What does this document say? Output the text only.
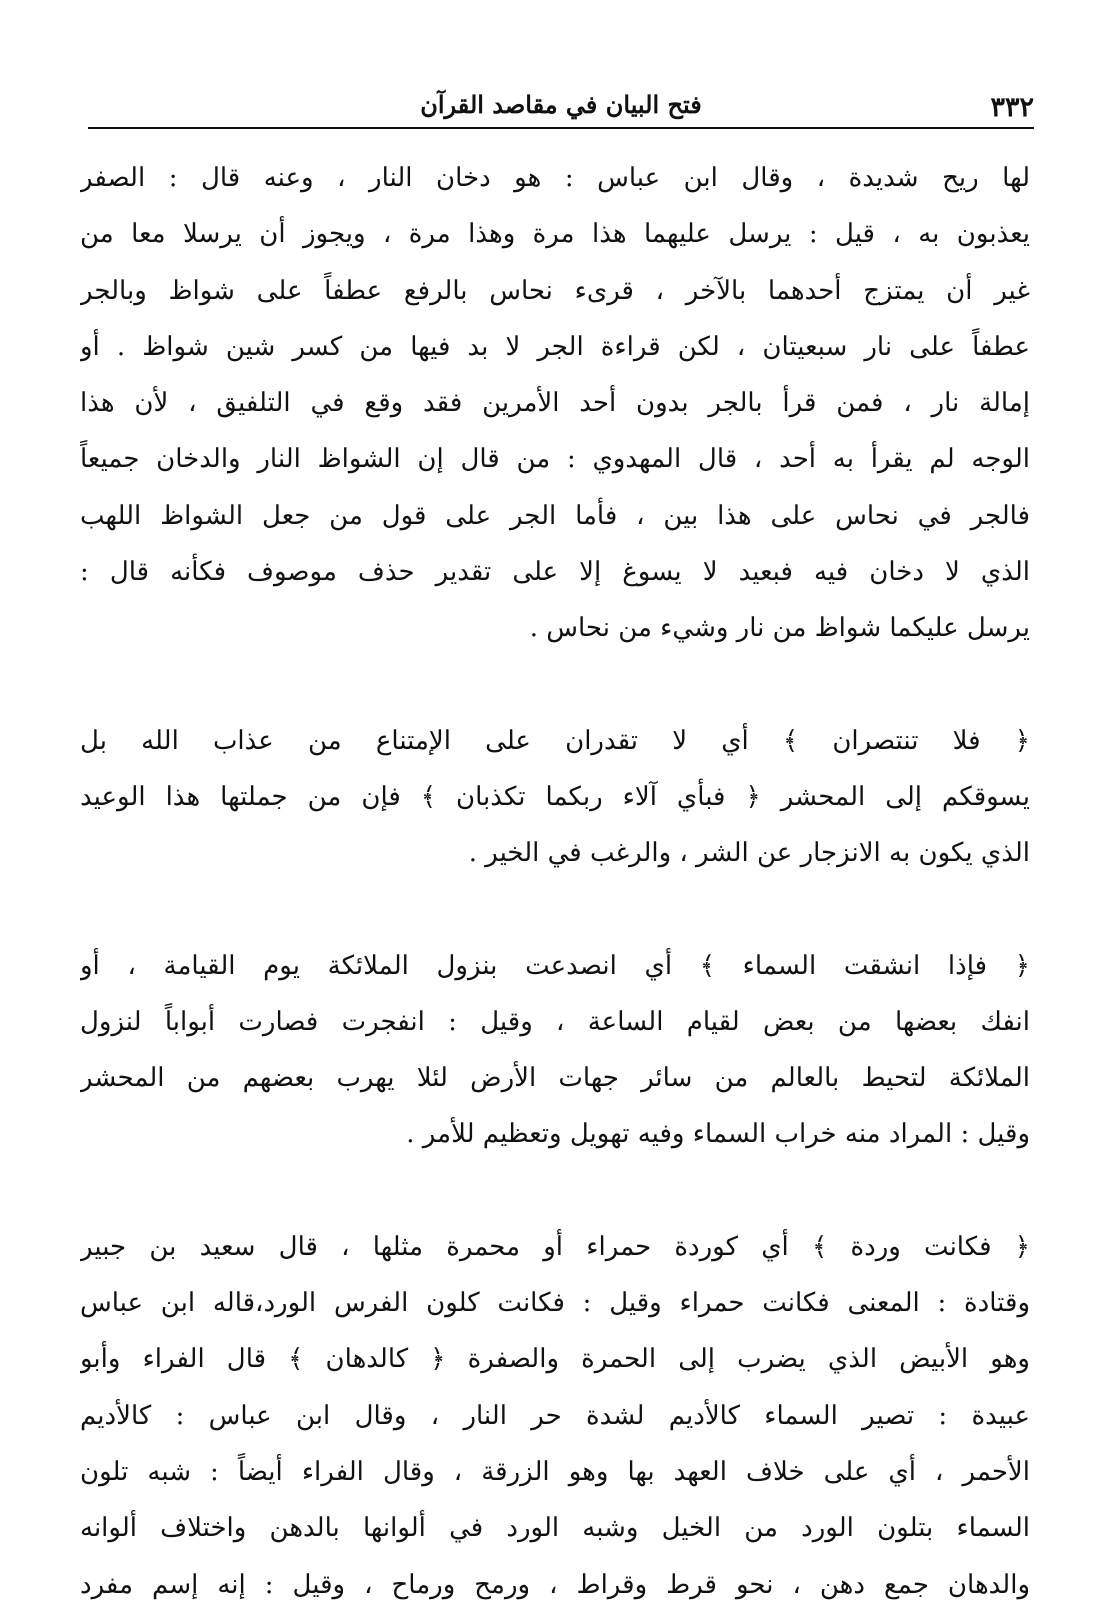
٣٣٢
فتح البيان في مقاصد القرآن
لها ريح شديدة ، وقال ابن عباس : هو دخان النار ، وعنه قال : الصفر
يعذبون به ، قيل : يرسل عليهما هذا مرة وهذا مرة ، ويجوز أن يرسلا معا من
غير أن يمتزج أحدهما بالآخر ، قرىء نحاس بالرفع عطفاً على شواظ وبالجر
عطفاً على نار سبعيتان ، لكن قراءة الجر لا بد فيها من كسر شين شواظ . أو
إمالة نار ، فمن قرأ بالجر بدون أحد الأمرين فقد وقع في التلفيق ، لأن هذا
الوجه لم يقرأ به أحد ، قال المهدوي : من قال إن الشواظ النار والدخان جميعاً
فالجر في نحاس على هذا بين ، فأما الجر على قول من جعل الشواظ اللهب
الذي لا دخان فيه فبعيد لا يسوغ إلا على تقدير حذف موصوف فكأنه قال :
يرسل عليكما شواظ من نار وشيء من نحاس .
﴿ فلا تنتصران ﴾ أي لا تقدران على الإمتناع من عذاب الله بل
يسوقكم إلى المحشر ﴿ فبأي آلاء ربكما تكذبان ﴾ فإن من جملتها هذا الوعيد
الذي يكون به الانزجار عن الشر ، والرغب في الخير .
﴿ فإذا انشقت السماء ﴾ أي انصدعت بنزول الملائكة يوم القيامة ، أو
انفك بعضها من بعض لقيام الساعة ، وقيل : انفجرت فصارت أبواباً لنزول
الملائكة لتحيط بالعالم من سائر جهات الأرض لئلا يهرب بعضهم من المحشر
وقيل : المراد منه خراب السماء وفيه تهويل وتعظيم للأمر .
﴿ فكانت وردة ﴾ أي كوردة حمراء أو محمرة مثلها ، قال سعيد بن جبير
وقتادة : المعنى فكانت حمراء وقيل : فكانت كلون الفرس الورد،قاله ابن عباس
وهو الأبيض الذي يضرب إلى الحمرة والصفرة ﴿ كالدهان ﴾ قال الفراء وأبو
عبيدة : تصير السماء كالأديم لشدة حر النار ، وقال ابن عباس : كالأديم
الأحمر ، أي على خلاف العهد بها وهو الزرقة ، وقال الفراء أيضاً : شبه تلون
السماء بتلون الورد من الخيل وشبه الورد في ألوانها بالدهن واختلاف ألوانه
والدهان جمع دهن ، نحو قرط وقراط ، ورمح ورماح ، وقيل : إنه إسم مفرد
